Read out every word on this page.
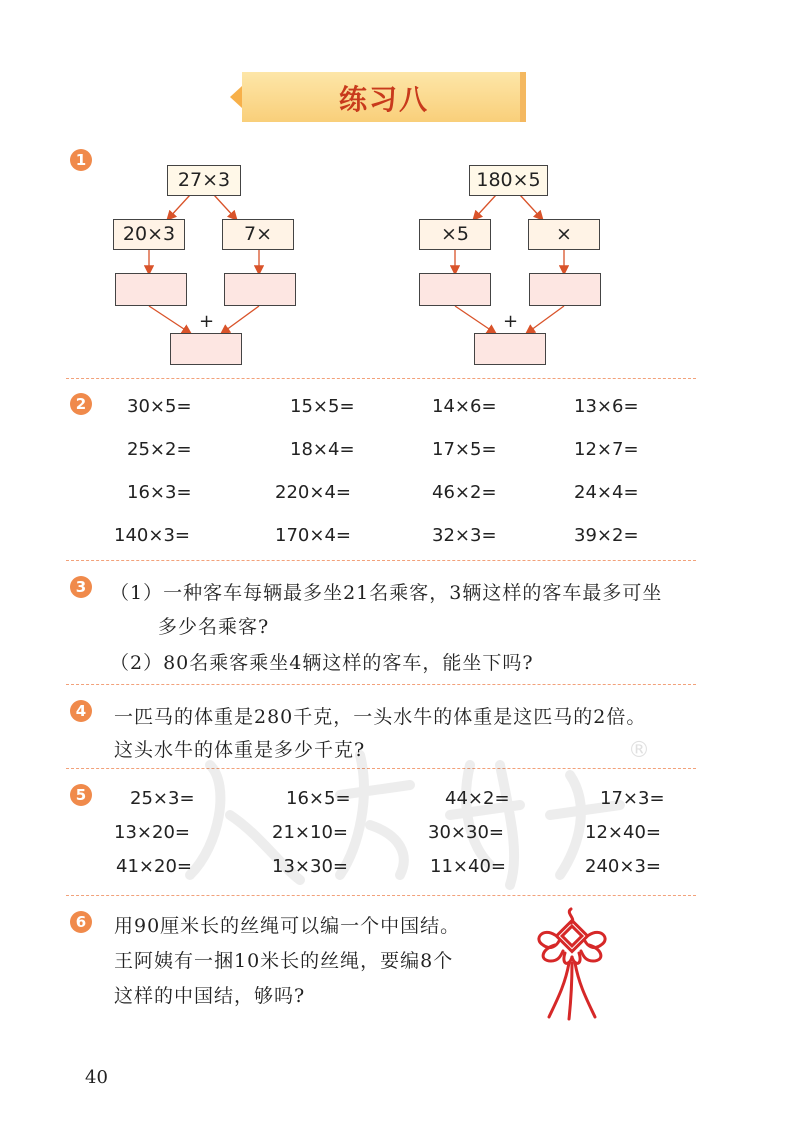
练习八
1
27×3
20×3	7×
+
180×5
×5	×
+
2	30×5=	15×5=	14×6=	13×6=
25×2=	18×4=	17×5=	12×7=
16×3=	220×4=	46×2=	24×4=
140×3=	170×4=	32×3=	39×2=
3	（1）一种客车每辆最多坐21名乘客，3辆这样的客车最多可坐
多少名乘客?
（2）80名乘客乘坐4辆这样的客车，能坐下吗?
4	一匹马的体重是280千克，一头水牛的体重是这匹马的2倍。
这头水牛的体重是多少千克?	®
5	25×3=	16×5=	44×2=	17×3=
13×20=	21×10=	30×30=	12×40=
41×20=	13×30=	11×40=	240×3=
6	用90厘米长的丝绳可以编一个中国结。
王阿姨有一捆10米长的丝绳，要编8个
这样的中国结，够吗?
40
